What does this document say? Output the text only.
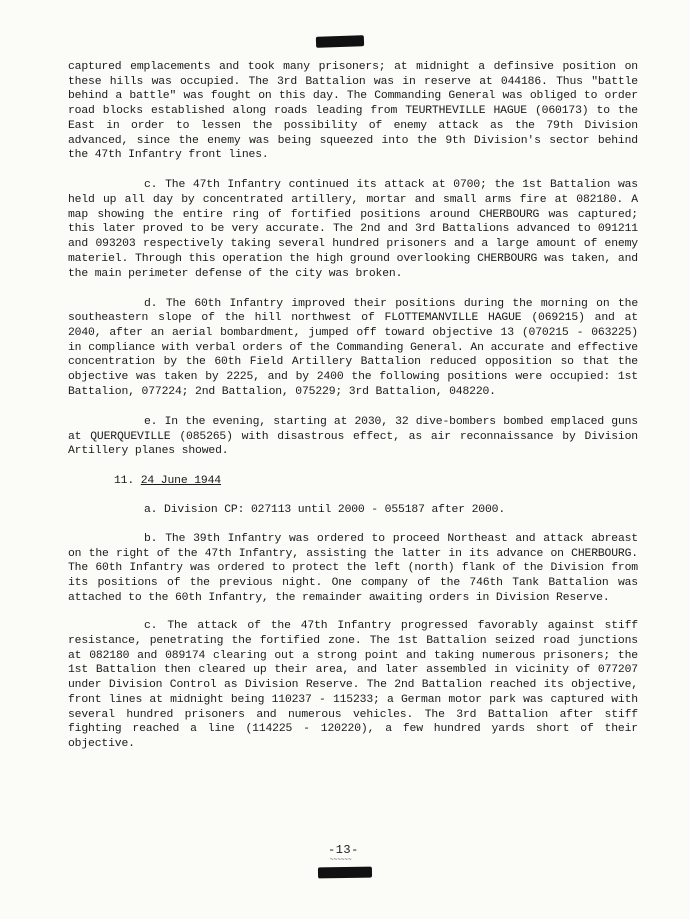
captured emplacements and took many prisoners; at midnight a definsive position on these hills was occupied. The 3rd Battalion was in reserve at 044186. Thus "battle behind a battle" was fought on this day. The Commanding General was obliged to order road blocks established along roads leading from TEURTHEVILLE HAGUE (060173) to the East in order to lessen the possibility of enemy attack as the 79th Division advanced, since the enemy was being squeezed into the 9th Division's sector behind the 47th Infantry front lines.

c. The 47th Infantry continued its attack at 0700; the 1st Battalion was held up all day by concentrated artillery, mortar and small arms fire at 082180. A map showing the entire ring of fortified positions around CHERBOURG was captured; this later proved to be very accurate. The 2nd and 3rd Battalions advanced to 091211 and 093203 respectively taking several hundred prisoners and a large amount of enemy materiel. Through this operation the high ground overlooking CHERBOURG was taken, and the main perimeter defense of the city was broken.

d. The 60th Infantry improved their positions during the morning on the southeastern slope of the hill northwest of FLOTTEMANVILLE HAGUE (069215) and at 2040, after an aerial bombardment, jumped off toward objective 13 (070215 - 063225) in compliance with verbal orders of the Commanding General. An accurate and effective concentration by the 60th Field Artillery Battalion reduced opposition so that the objective was taken by 2225, and by 2400 the following positions were occupied: 1st Battalion, 077224; 2nd Battalion, 075229; 3rd Battalion, 048220.

e. In the evening, starting at 2030, 32 dive-bombers bombed emplaced guns at QUERQUEVILLE (085265) with disastrous effect, as air reconnaissance by Division Artillery planes showed.

11. 24 June 1944

a. Division CP: 027113 until 2000 - 055187 after 2000.

b. The 39th Infantry was ordered to proceed Northeast and attack abreast on the right of the 47th Infantry, assisting the latter in its advance on CHERBOURG. The 60th Infantry was ordered to protect the left (north) flank of the Division from its positions of the previous night. One company of the 746th Tank Battalion was attached to the 60th Infantry, the remainder awaiting orders in Division Reserve.

c. The attack of the 47th Infantry progressed favorably against stiff resistance, penetrating the fortified zone. The 1st Battalion seized road junctions at 082180 and 089174 clearing out a strong point and taking numerous prisoners; the 1st Battalion then cleared up their area, and later assembled in vicinity of 077207 under Division Control as Division Reserve. The 2nd Battalion reached its objective, front lines at midnight being 110237 - 115233; a German motor park was captured with several hundred prisoners and numerous vehicles. The 3rd Battalion after stiff fighting reached a line (114225 - 120220), a few hundred yards short of their objective.

-13-
~~~~~~
